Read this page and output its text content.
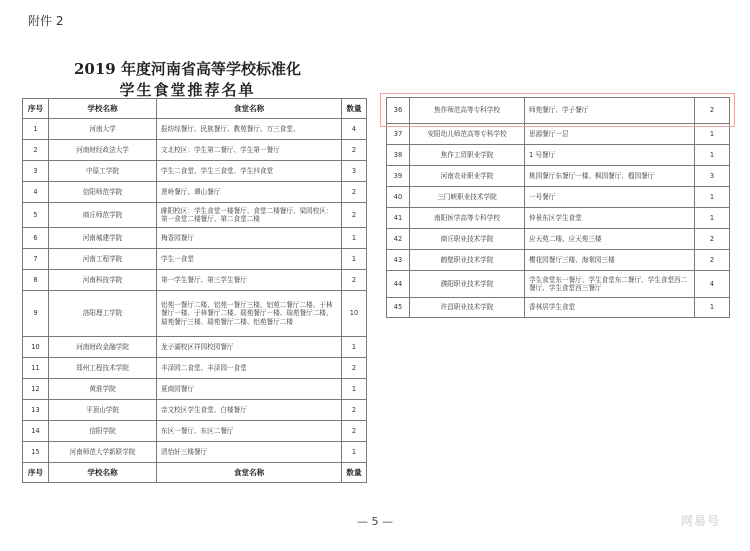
附件 2
2019 年度河南省高等学校标准化
学生食堂推荐名单
序号	学校名称	食堂名称	数量
1	河南大学	报纺综餐厅、民族餐厅、教苑餐厅、万三食堂、	4
2	河南财经政法大学	文北校区：学生第二餐厅、学生第一餐厅	2
3	中原工学院	学生二食堂、学生三食堂、学生四食堂	3
4	信阳师范学院	贤岭餐厅、谭山餐厅	2
5	商丘师范学院	睢阳校区：学生食堂一楼餐厅、食堂二楼餐厅、梁园校区：第一食堂二楼餐厅、第二食堂二楼	2
6	河南城建学院	梅香园餐厅	1
7	河南工程学院	学生一食堂	1
8	河南科技学院	第一学生餐厅、第三学生餐厅	2
9	洛阳理工学院	铝苑一餐厅二楼、铝苑一餐厅三楼、铝苑二餐厅二楼、于林餐厅一楼、于林餐厅二楼、瑞苑餐厅一楼、瑞苑餐厅二楼、瑞苑餐厅三楼、瑞苑餐厅二楼、铝苑餐厅二楼	10
10	河南财政金融学院	龙子湖校区祥园校园餐厅	1
11	郑州工程技术学院	丰泽园二食堂、丰泽园一食堂	2
12	黄淮学院	夏商园餐厅	1
13	平顶山学院	亲文校区学生食堂、白楼餐厅	2
14	信阳学院	东区一餐厅、东区二餐厅	2
15	河南师范大学新联学院	清怡轩三楼餐厅	1
序号	学校名称	食堂名称	数量
36	焦作师范高等专科学校	师苑餐厅、学子餐厅	2
37	安阳幼儿师范高等专科学校	思源餐厅一层	1
38	焦作工贸职业学院	1 号餐厅	1
39	河南农业职业学院	桃园餐厅东餐厅一楼、枫园餐厅、榴园餐厅	3
40	三门峡职业技术学院	一号餐厅	1
41	南阳医学高等专科学校	仲景东区学生食堂	1
42	商丘职业技术学院	应天苑二楼、应天苑三楼	2
43	鹤壁职业技术学院	樱花园餐厅三楼、海棠园三楼	2
44	濮阳职业技术学院	学生食堂东一餐厅、学生食堂东二餐厅、学生食堂西二餐厅、学生食堂西三餐厅	4
45	许昌职业技术学院	香林居学生食堂	1
— 5 —	网易号
